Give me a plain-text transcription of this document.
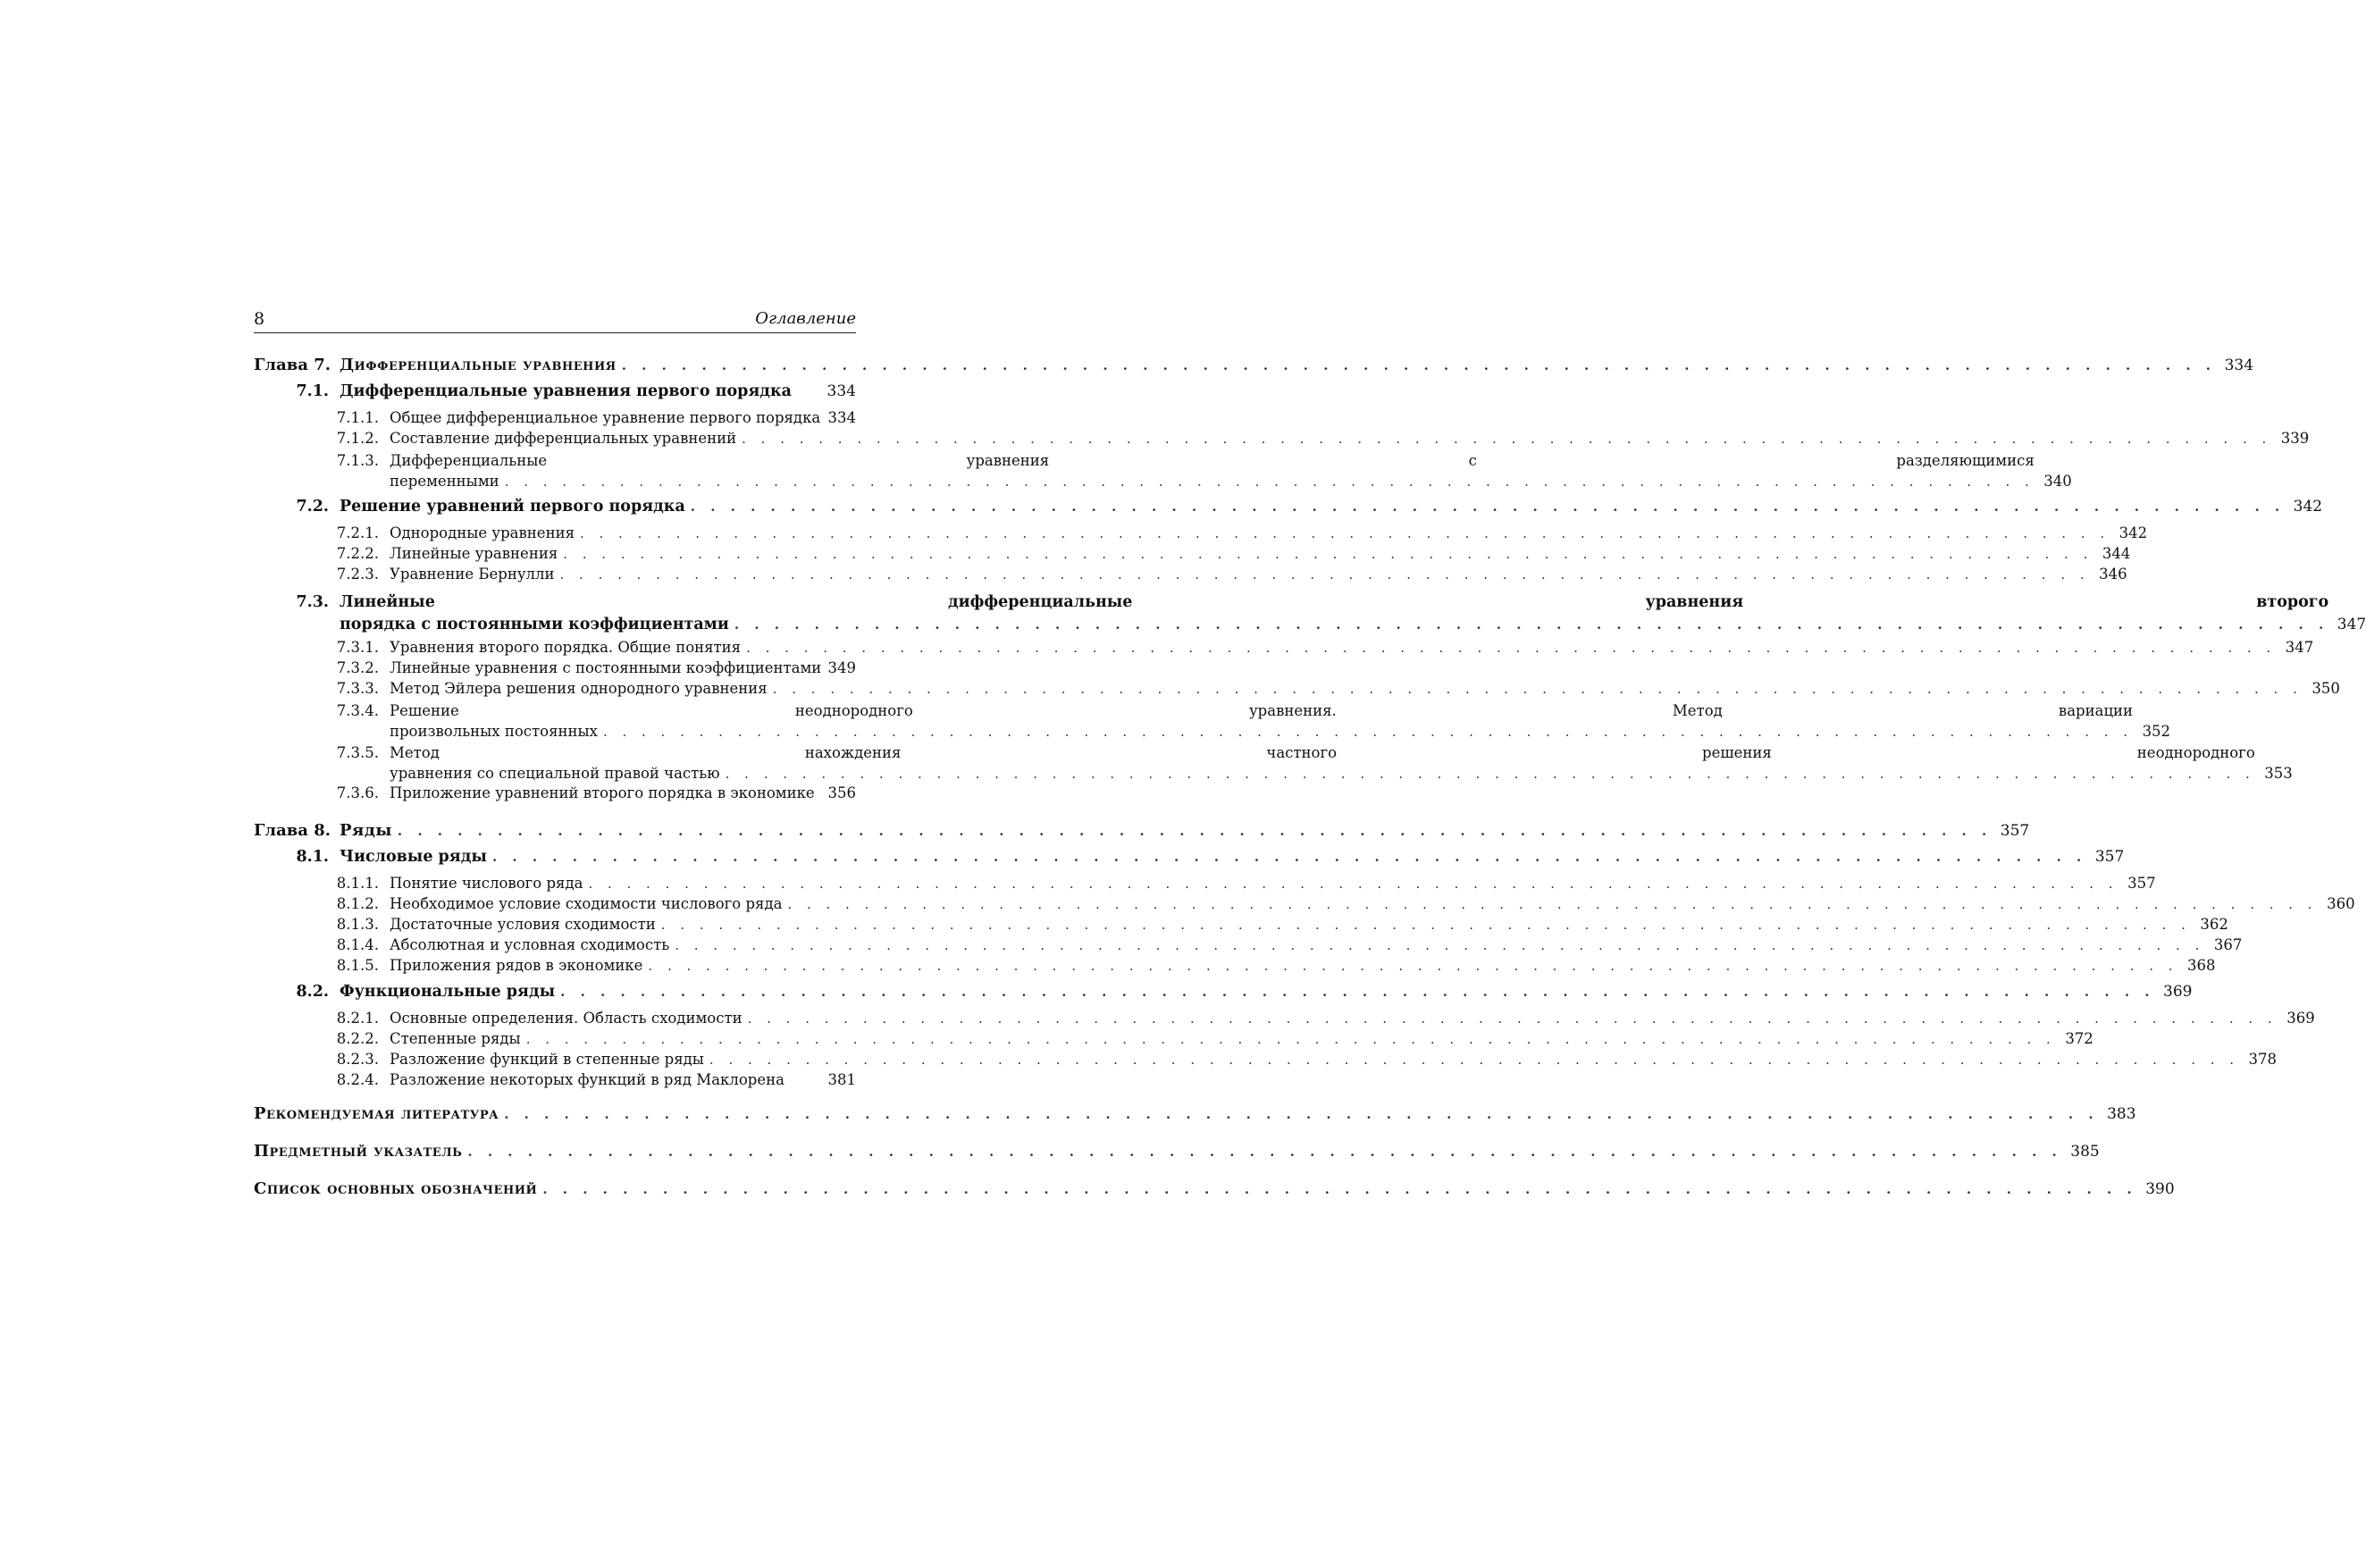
8	Оглавление
Глава 7. Дифференциальные уравнения . . .	334
7.1. Дифференциальные уравнения первого порядка 334
7.1.1. Общее дифференциальное уравнение первого порядка 334
7.1.2. Составление дифференциальных уравнений . . .	339
7.1.3. Дифференциальные уравнения с разделяющимися
переменными . . .	340
7.2. Решение уравнений первого порядка . . .	342
7.2.1. Однородные уравнения . . .	342
7.2.2. Линейные уравнения . . .	344
7.2.3. Уравнение Бернулли . . .	346
7.3. Линейные дифференциальные уравнения второго
порядка с постоянными коэффициентами . . .	347
7.3.1. Уравнения второго порядка. Общие понятия . . .	347
7.3.2. Линейные уравнения с постоянными коэффициентами 349
7.3.3. Метод Эйлера решения однородного уравнения . . .	350
7.3.4. Решение неоднородного уравнения. Метод вариации
произвольных постоянных . . .	352
7.3.5. Метод нахождения частного решения неоднородного
уравнения со специальной правой частью . . .	353
7.3.6. Приложение уравнений второго порядка в экономике 356
Глава 8. Ряды . . .	357
8.1. Числовые ряды . . .	357
8.1.1. Понятие числового ряда . . .	357
8.1.2. Необходимое условие сходимости числового ряда . . .	360
8.1.3. Достаточные условия сходимости . . .	362
8.1.4. Абсолютная и условная сходимость . . .	367
8.1.5. Приложения рядов в экономике . . .	368
8.2. Функциональные ряды . . .	369
8.2.1. Основные определения. Область сходимости . . .	369
8.2.2. Степенные ряды . . .	372
8.2.3. Разложение функций в степенные ряды . . .	378
8.2.4. Разложение некоторых функций в ряд Маклорена	381
Рекомендуемая литература . . .	383
Предметный указатель . . .	385
Список основных обозначений . . .	390
